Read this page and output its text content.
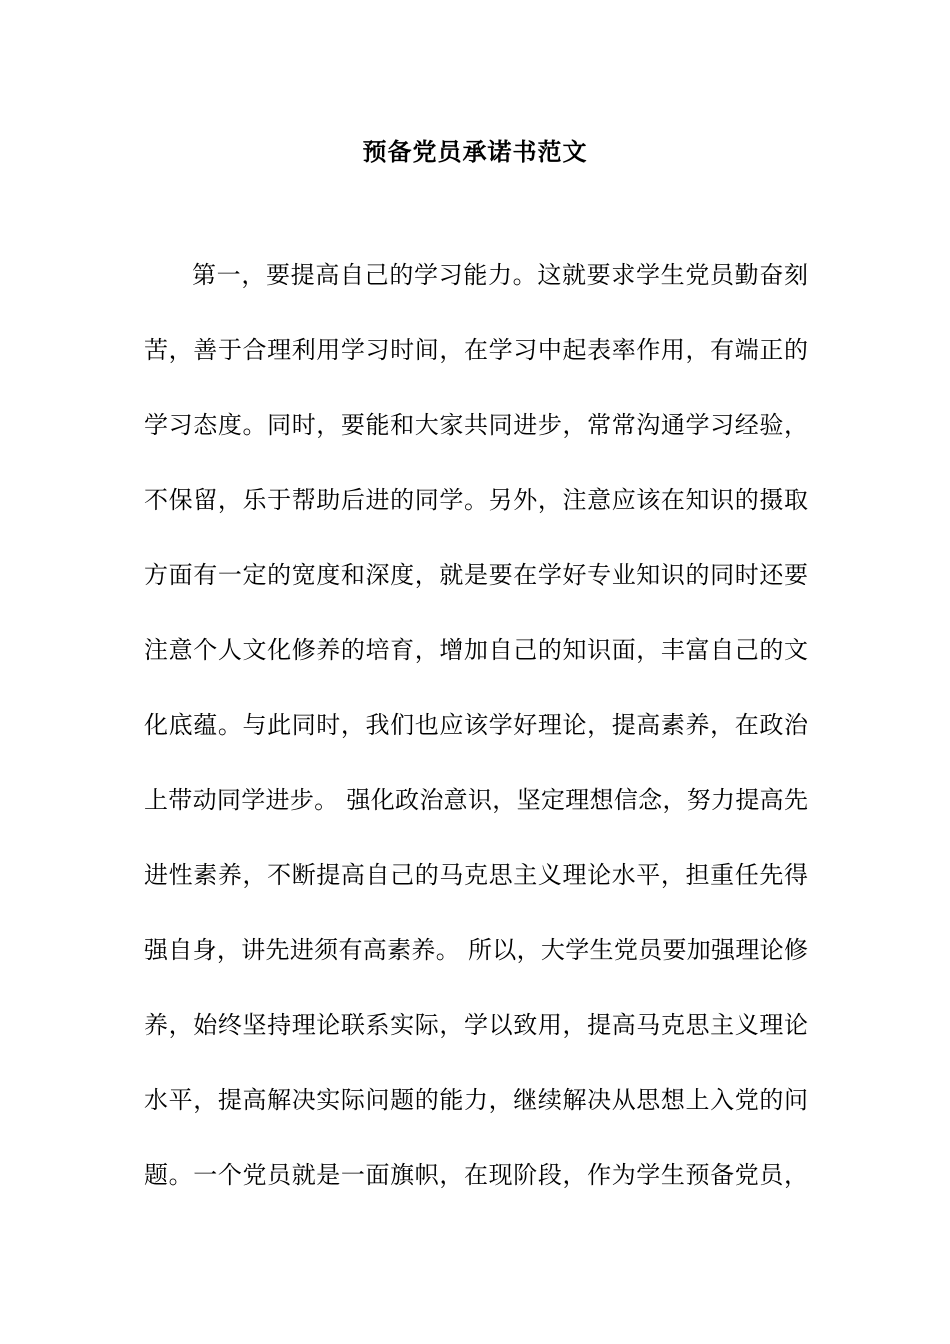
预备党员承诺书范文
第一，要提高自己的学习能力。这就要求学生党员勤奋刻
苦，善于合理利用学习时间，在学习中起表率作用，有端正的
学习态度。同时，要能和大家共同进步，常常沟通学习经验，
不保留，乐于帮助后进的同学。另外，注意应该在知识的摄取
方面有一定的宽度和深度，就是要在学好专业知识的同时还要
注意个人文化修养的培育，增加自己的知识面，丰富自己的文
化底蕴。与此同时，我们也应该学好理论，提高素养，在政治
上带动同学进步。 强化政治意识，坚定理想信念，努力提高先
进性素养，不断提高自己的马克思主义理论水平，担重任先得
强自身，讲先进须有高素养。 所以，大学生党员要加强理论修
养，始终坚持理论联系实际，学以致用，提高马克思主义理论
水平，提高解决实际问题的能力，继续解决从思想上入党的问
题。一个党员就是一面旗帜，在现阶段，作为学生预备党员，
